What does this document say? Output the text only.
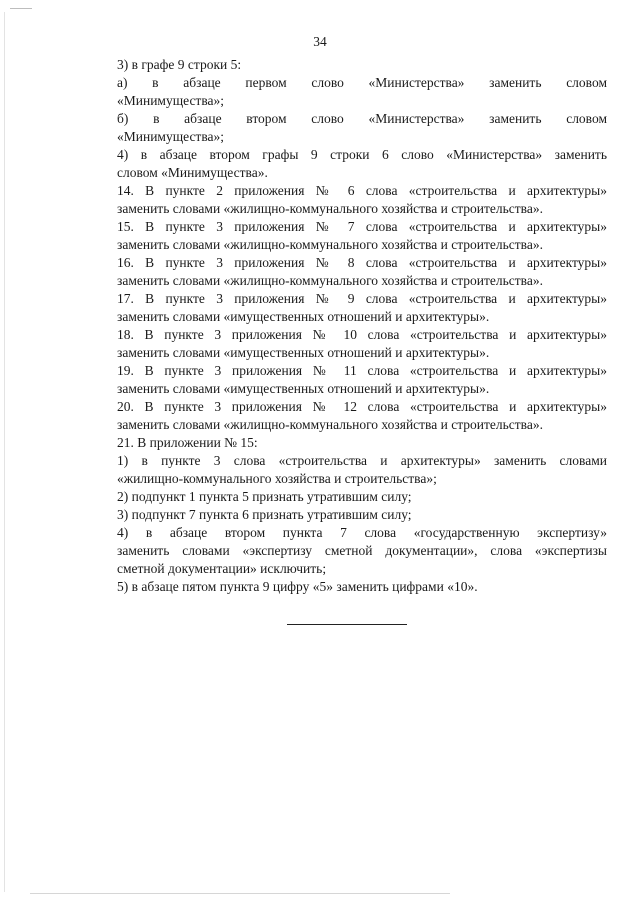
34
3) в графе 9 строки 5:
а) в абзаце первом слово «Министерства» заменить словом
«Минимущества»;
б) в абзаце втором слово «Министерства» заменить словом
«Минимущества»;
4) в абзаце втором графы 9 строки 6 слово «Министерства» заменить
словом «Минимущества».
14. В пункте 2 приложения № 6 слова «строительства и архитектуры»
заменить словами «жилищно-коммунального хозяйства и строительства».
15. В пункте 3 приложения № 7 слова «строительства и архитектуры»
заменить словами «жилищно-коммунального хозяйства и строительства».
16. В пункте 3 приложения № 8 слова «строительства и архитектуры»
заменить словами «жилищно-коммунального хозяйства и строительства».
17. В пункте 3 приложения № 9 слова «строительства и архитектуры»
заменить словами «имущественных отношений и архитектуры».
18. В пункте 3 приложения № 10 слова «строительства и архитектуры»
заменить словами «имущественных отношений и архитектуры».
19. В пункте 3 приложения № 11 слова «строительства и архитектуры»
заменить словами «имущественных отношений и архитектуры».
20. В пункте 3 приложения № 12 слова «строительства и архитектуры»
заменить словами «жилищно-коммунального хозяйства и строительства».
21. В приложении № 15:
1) в пункте 3 слова «строительства и архитектуры» заменить словами
«жилищно-коммунального хозяйства и строительства»;
2) подпункт 1 пункта 5 признать утратившим силу;
3) подпункт 7 пункта 6 признать утратившим силу;
4) в абзаце втором пункта 7 слова «государственную экспертизу»
заменить словами «экспертизу сметной документации», слова «экспертизы
сметной документации» исключить;
5) в абзаце пятом пункта 9 цифру «5» заменить цифрами «10».
